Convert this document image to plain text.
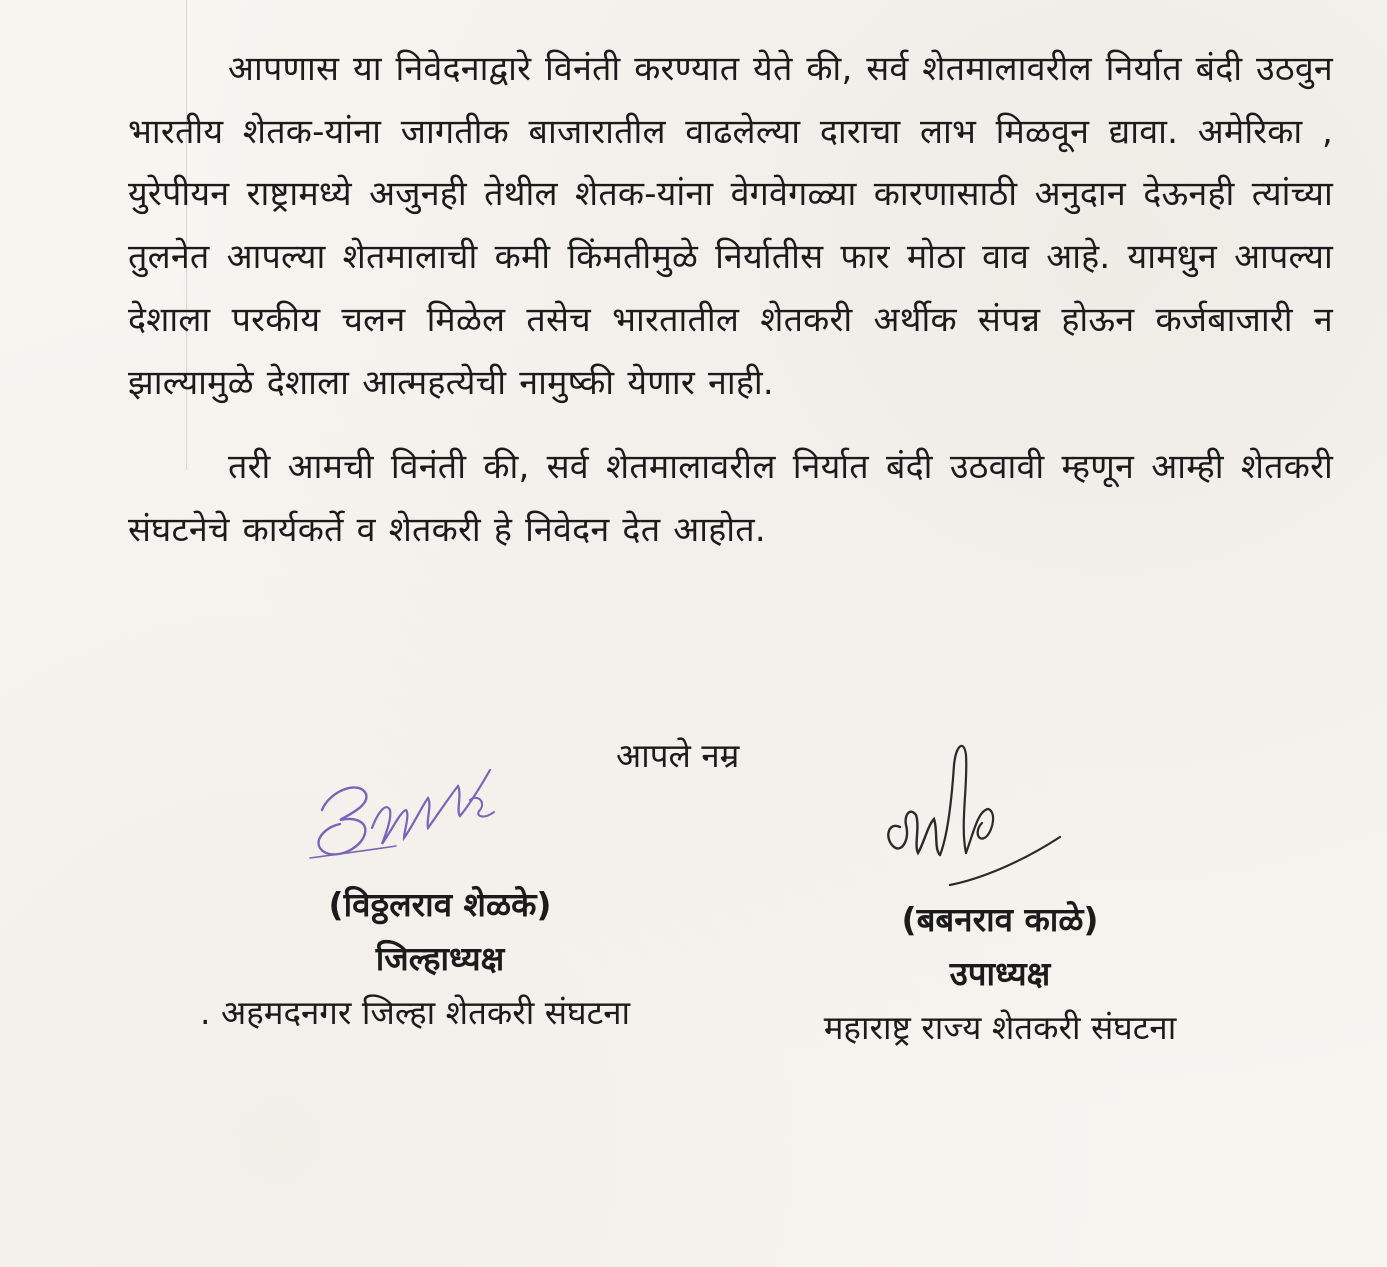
आपणास या निवेदनाद्वारे विनंती करण्यात येते की, सर्व शेतमालावरील निर्यात बंदी उठवुन भारतीय शेतक-यांना जागतीक बाजारातील वाढलेल्या दाराचा लाभ मिळवून द्यावा. अमेरिका , युरेपीयन राष्ट्रामध्ये अजुनही तेथील शेतक-यांना वेगवेगळ्या कारणासाठी अनुदान देऊनही त्यांच्या तुलनेत आपल्या शेतमालाची कमी किंमतीमुळे निर्यातीस फार मोठा वाव आहे. यामधुन आपल्या देशाला परकीय चलन मिळेल तसेच भारतातील शेतकरी अर्थीक संपन्न होऊन कर्जबाजारी न झाल्यामुळे देशाला आत्महत्येची नामुष्की येणार नाही.

तरी आमची विनंती की, सर्व शेतमालावरील निर्यात बंदी उठवावी म्हणून आम्ही शेतकरी संघटनेचे कार्यकर्ते व शेतकरी हे निवेदन देत आहोत.

आपले नम्र
(विठ्ठलराव शेळके)
जिल्हाध्यक्ष
. अहमदनगर जिल्हा शेतकरी संघटना
(बबनराव काळे)
उपाध्यक्ष
महाराष्ट्र राज्य शेतकरी संघटना
